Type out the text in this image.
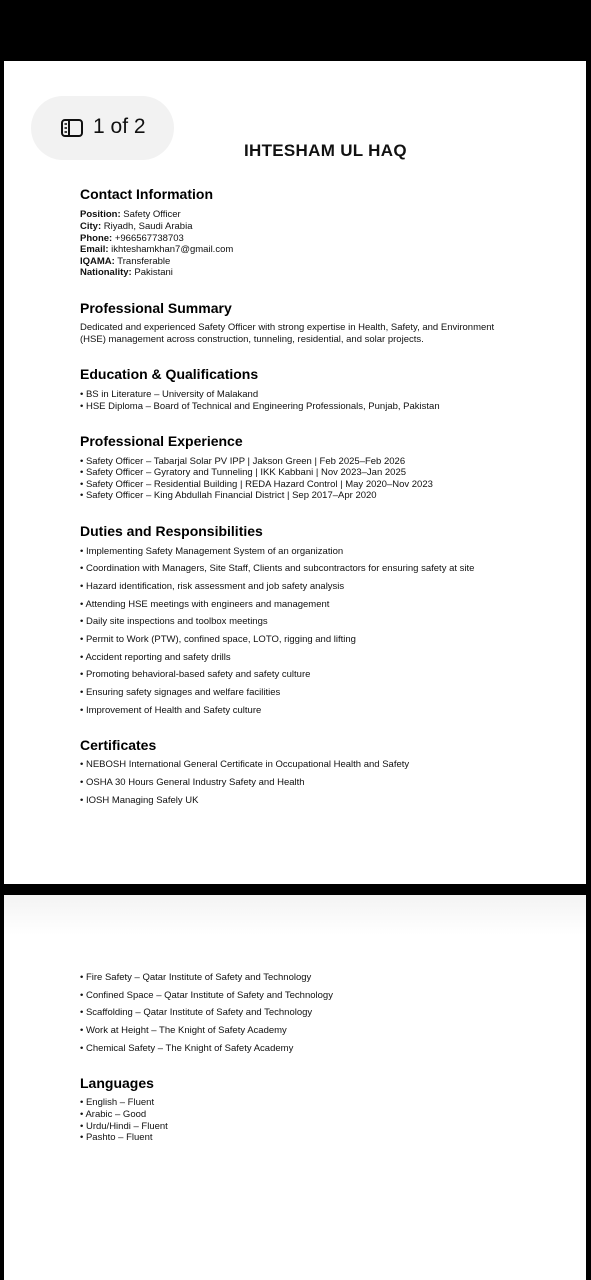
IHTESHAM UL HAQ
Contact Information
Position: Safety Officer
City: Riyadh, Saudi Arabia
Phone: +966567738703
Email: ikhteshamkhan7@gmail.com
IQAMA: Transferable
Nationality: Pakistani
Professional Summary
Dedicated and experienced Safety Officer with strong expertise in Health, Safety, and Environment (HSE) management across construction, tunneling, residential, and solar projects.
Education & Qualifications
• BS in Literature – University of Malakand
• HSE Diploma – Board of Technical and Engineering Professionals, Punjab, Pakistan
Professional Experience
• Safety Officer – Tabarjal Solar PV IPP | Jakson Green | Feb 2025–Feb 2026
• Safety Officer – Gyratory and Tunneling | IKK Kabbani | Nov 2023–Jan 2025
• Safety Officer – Residential Building | REDA Hazard Control | May 2020–Nov 2023
• Safety Officer – King Abdullah Financial District | Sep 2017–Apr 2020
Duties and Responsibilities
• Implementing Safety Management System of an organization
• Coordination with Managers, Site Staff, Clients and subcontractors for ensuring safety at site
• Hazard identification, risk assessment and job safety analysis
• Attending HSE meetings with engineers and management
• Daily site inspections and toolbox meetings
• Permit to Work (PTW), confined space, LOTO, rigging and lifting
• Accident reporting and safety drills
• Promoting behavioral-based safety and safety culture
• Ensuring safety signages and welfare facilities
• Improvement of Health and Safety culture
Certificates
• NEBOSH International General Certificate in Occupational Health and Safety
• OSHA 30 Hours General Industry Safety and Health
• IOSH Managing Safely UK
• Fire Safety – Qatar Institute of Safety and Technology
• Confined Space – Qatar Institute of Safety and Technology
• Scaffolding – Qatar Institute of Safety and Technology
• Work at Height – The Knight of Safety Academy
• Chemical Safety – The Knight of Safety Academy
Languages
• English – Fluent
• Arabic – Good
• Urdu/Hindi – Fluent
• Pashto – Fluent
1 of 2
